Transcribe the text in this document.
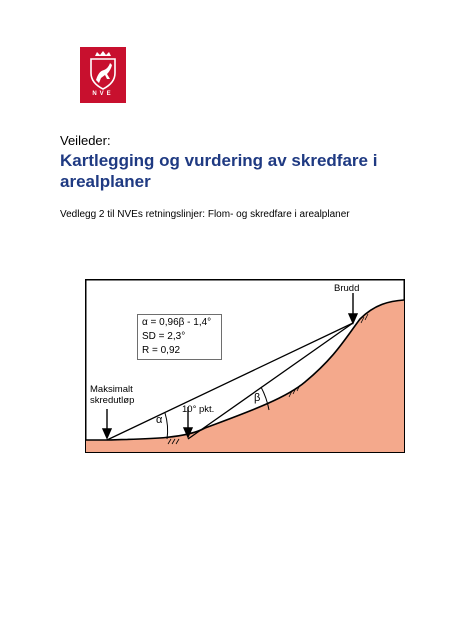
NVE
Veileder:
Kartlegging og vurdering av skredfare i arealplaner
Vedlegg 2 til NVEs retningslinjer: Flom- og skredfare i arealplaner
α = 0,96β - 1,4°
SD = 2,3°
R = 0,92
Brudd
Maksimalt
skredutløp
10° pkt.
α
β
